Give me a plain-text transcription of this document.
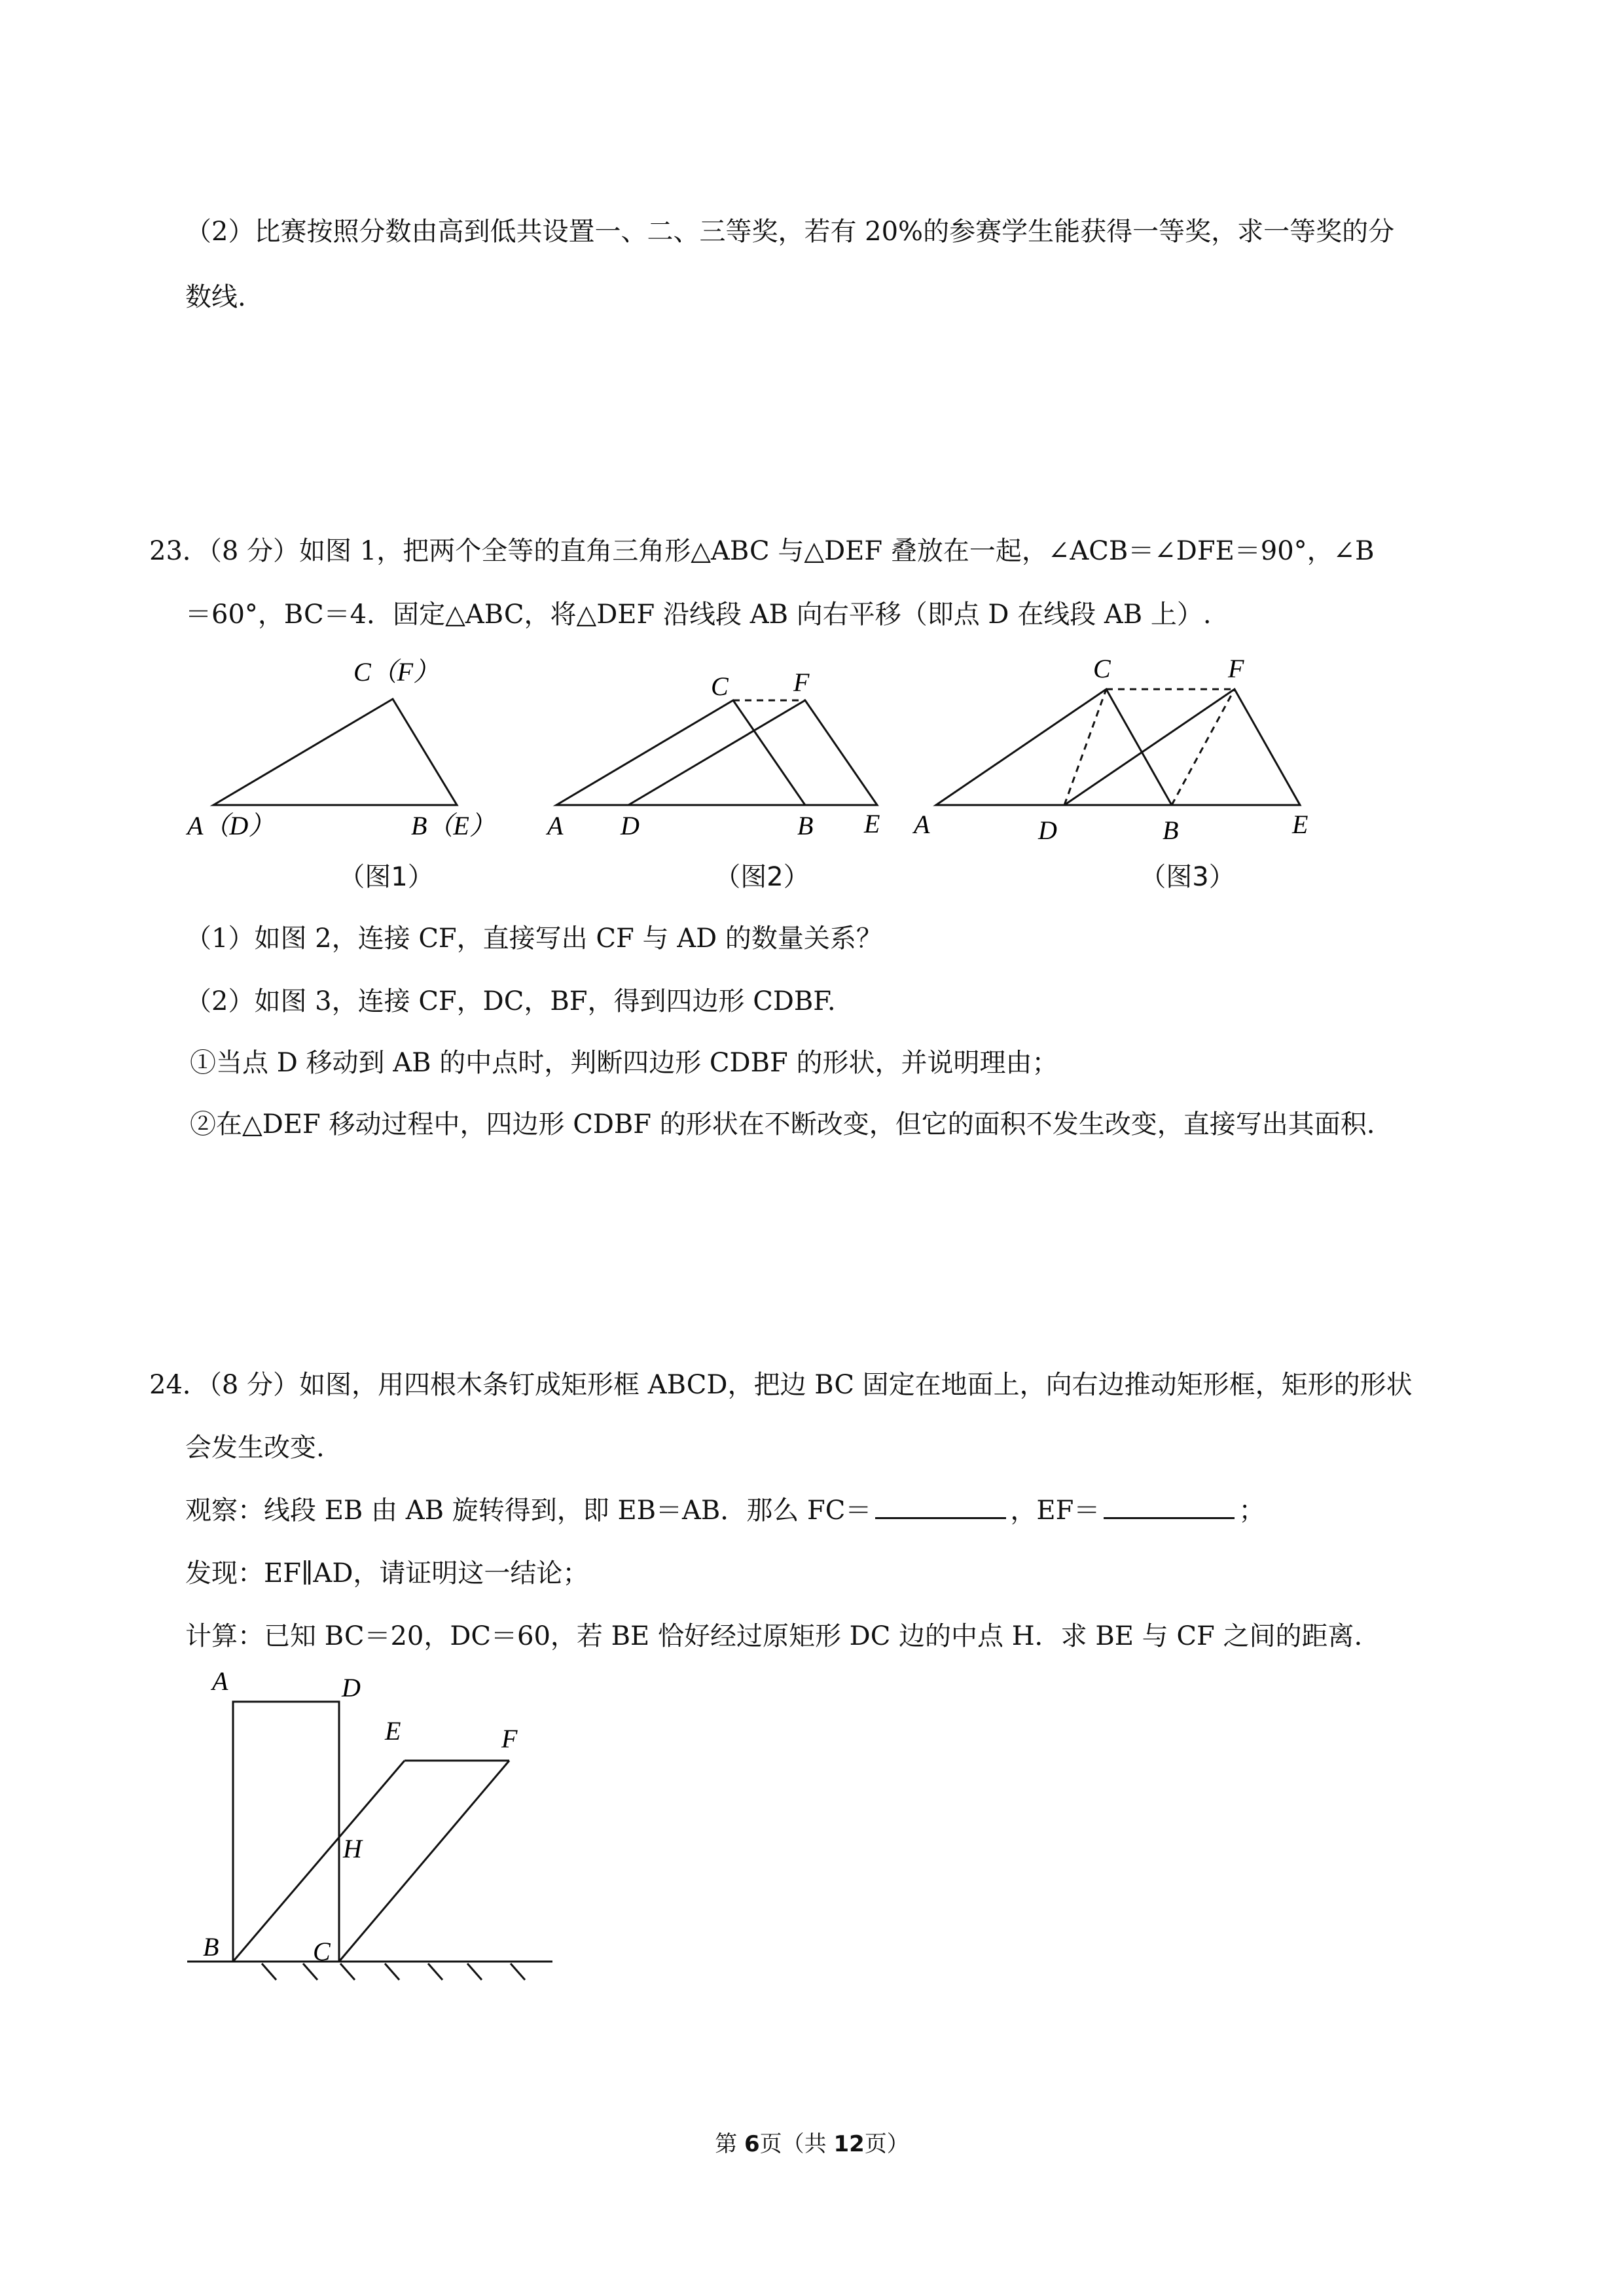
（2）比赛按照分数由高到低共设置一、二、三等奖，若有 20%的参赛学生能获得一等奖，求一等奖的分
数线.
23．（8 分）如图 1，把两个全等的直角三角形△ABC 与△DEF 叠放在一起，∠ACB＝∠DFE＝90°，∠B
＝60°，BC＝4．固定△ABC，将△DEF 沿线段 AB 向右平移（即点 D 在线段 AB 上）.
C（F）
A（D）	B（E）
（图1）
C F
A D	B E
（图2）
C	F
A	D	B	E
（图3）
（1）如图 2，连接 CF，直接写出 CF 与 AD 的数量关系？
（2）如图 3，连接 CF，DC，BF，得到四边形 CDBF.
①当点 D 移动到 AB 的中点时，判断四边形 CDBF 的形状，并说明理由；
②在△DEF 移动过程中，四边形 CDBF 的形状在不断改变，但它的面积不发生改变，直接写出其面积.
24．（8 分）如图，用四根木条钉成矩形框 ABCD，把边 BC 固定在地面上，向右边推动矩形框，矩形的形状
会发生改变.
观察：线段 EB 由 AB 旋转得到，即 EB＝AB．那么 FC＝	，EF＝	；
发现：EF∥AD，请证明这一结论；
计算：已知 BC＝20，DC＝60，若 BE 恰好经过原矩形 DC 边的中点 H．求 BE 与 CF 之间的距离.
A	D
E	F
H
B	C
第 6页（共 12页）
